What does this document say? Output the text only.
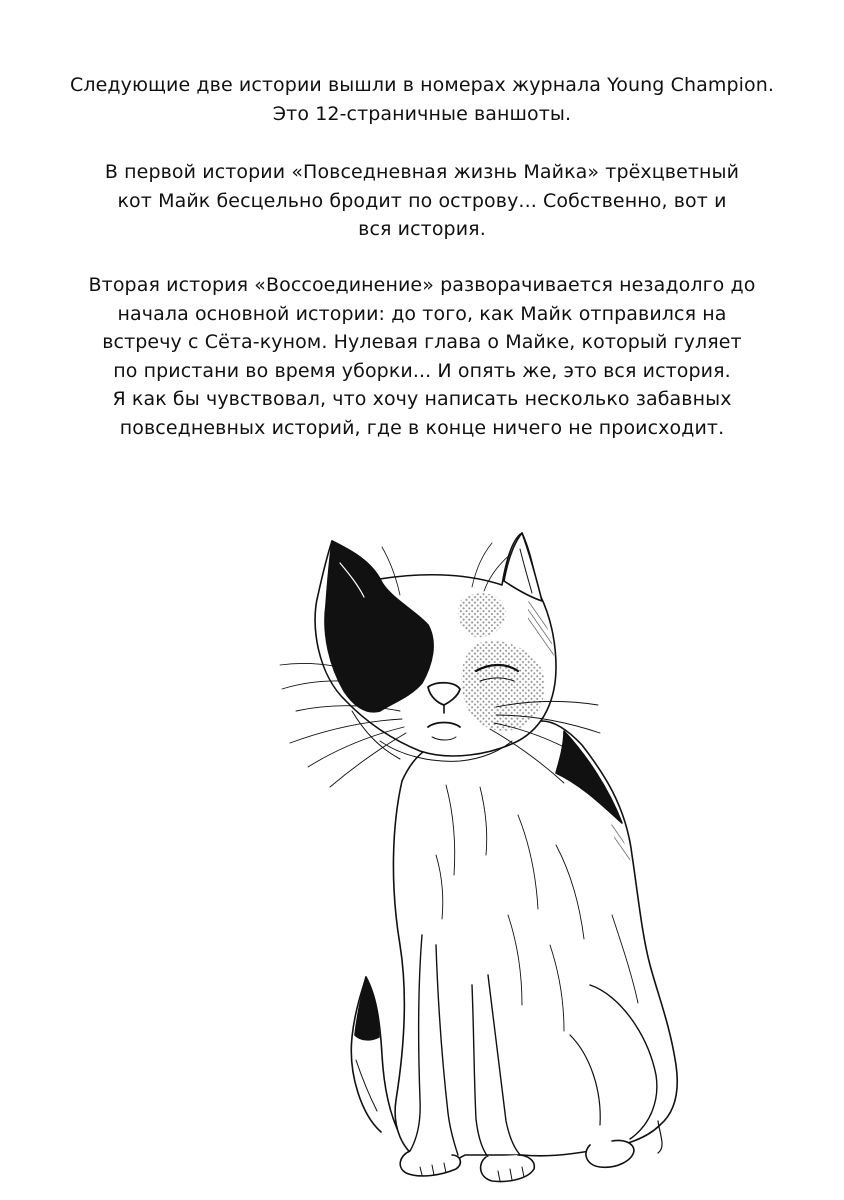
Следующие две истории вышли в номерах журнала Young Champion.
Это 12-страничные ваншоты.
В первой истории «Повседневная жизнь Майка» трёхцветный
кот Майк бесцельно бродит по острову... Собственно, вот и
вся история.
Вторая история «Воссоединение» разворачивается незадолго до
начала основной истории: до того, как Майк отправился на
встречу с Сёта-куном. Нулевая глава о Майке, который гуляет
по пристани во время уборки... И опять же, это вся история.
Я как бы чувствовал, что хочу написать несколько забавных
повседневных историй, где в конце ничего не происходит.
